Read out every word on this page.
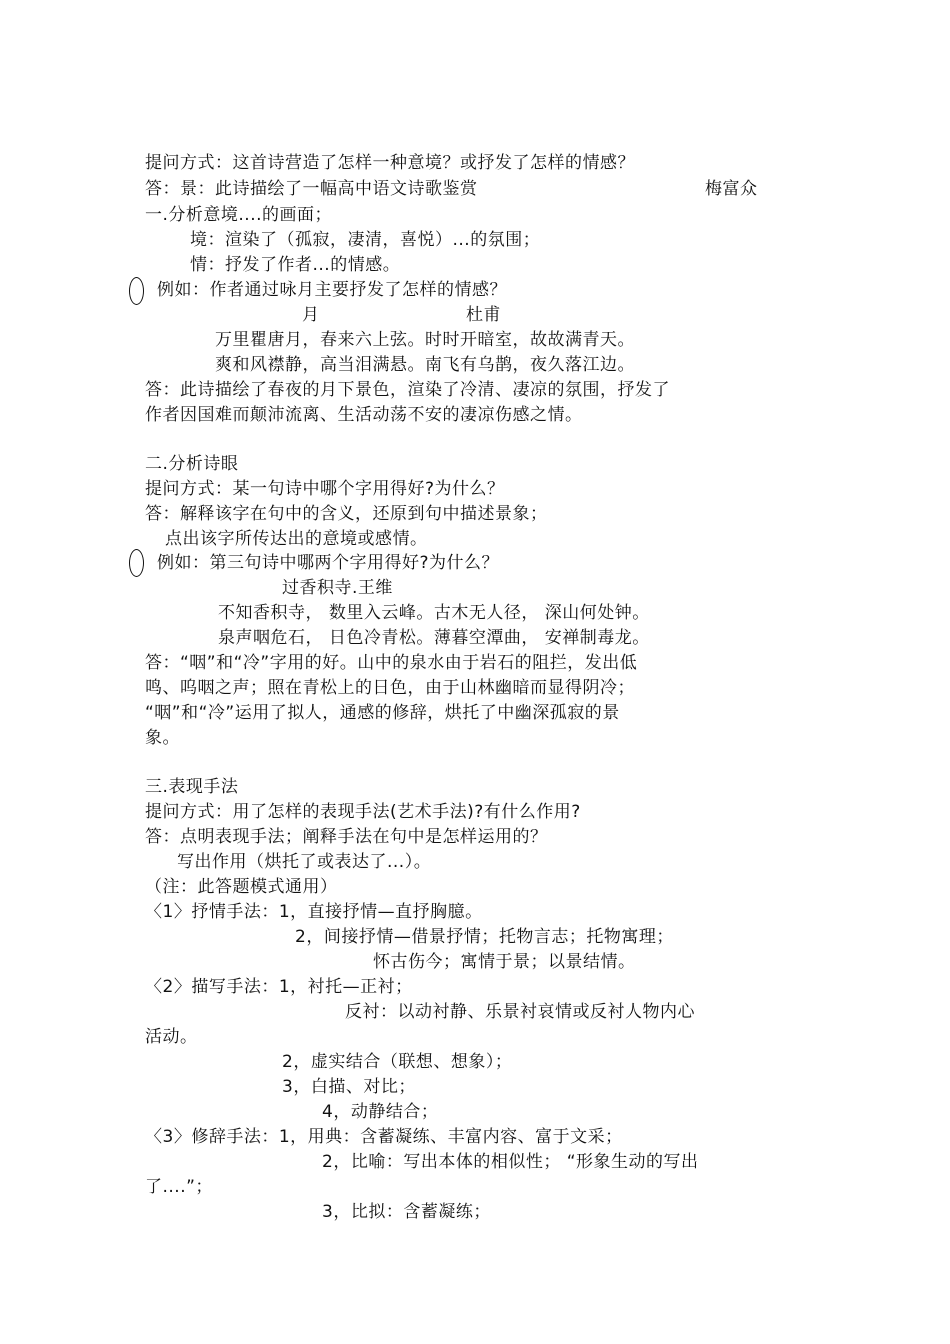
提问方式：这首诗营造了怎样一种意境？或抒发了怎样的情感？
答：景：此诗描绘了一幅高中语文诗歌鉴赏	梅富众
一.分析意境....的画面；
境：渲染了（孤寂，凄清，喜悦）...的氛围；
情：抒发了作者...的情感。
例如：作者通过咏月主要抒发了怎样的情感？
月	杜甫
万里瞿唐月，春来六上弦。时时开暗室，故故满青天。
爽和风襟静，高当泪满悬。南飞有乌鹊，夜久落江边。
答：此诗描绘了春夜的月下景色，渲染了冷清、凄凉的氛围，抒发了
作者因国难而颠沛流离、生活动荡不安的凄凉伤感之情。
二.分析诗眼
提问方式：某一句诗中哪个字用得好?为什么？
答：解释该字在句中的含义，还原到句中描述景象；
点出该字所传达出的意境或感情。
例如：第三句诗中哪两个字用得好?为什么？
过香积寺.王维
不知香积寺， 数里入云峰。古木无人径， 深山何处钟。
泉声咽危石， 日色冷青松。薄暮空潭曲， 安禅制毒龙。
答：“咽”和“冷”字用的好。山中的泉水由于岩石的阻拦，发出低
鸣、呜咽之声；照在青松上的日色，由于山林幽暗而显得阴冷；
“咽”和“冷”运用了拟人，通感的修辞，烘托了中幽深孤寂的景
象。
三.表现手法
提问方式：用了怎样的表现手法(艺术手法)?有什么作用?
答：点明表现手法；阐释手法在句中是怎样运用的？
写出作用（烘托了或表达了...）。
（注：此答题模式通用）
〈1〉抒情手法：1，直接抒情—直抒胸臆。
2，间接抒情—借景抒情；托物言志；托物寓理；
怀古伤今；寓情于景；以景结情。
〈2〉描写手法：1，衬托—正衬；
反衬：以动衬静、乐景衬哀情或反衬人物内心
活动。
2，虚实结合（联想、想象）；
3，白描、对比；
4，动静结合；
〈3〉修辞手法：1，用典：含蓄凝练、丰富内容、富于文采；
2，比喻：写出本体的相似性； “形象生动的写出
了....”；
3，比拟：含蓄凝练；
